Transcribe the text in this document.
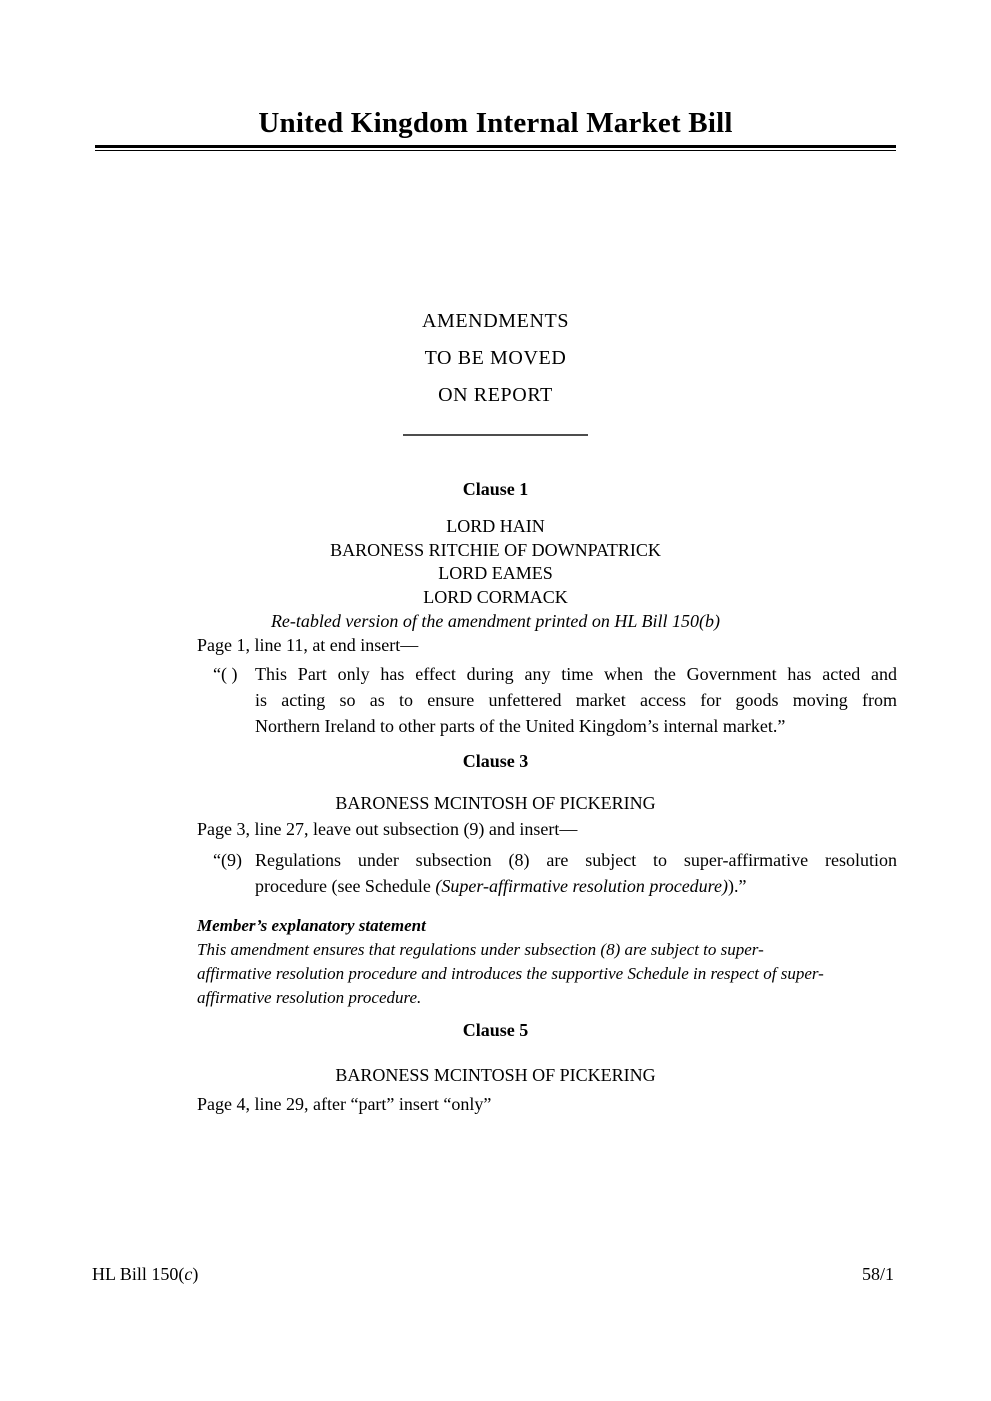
United Kingdom Internal Market Bill
AMENDMENTS
TO BE MOVED
ON REPORT
Clause 1
LORD HAIN
BARONESS RITCHIE OF DOWNPATRICK
LORD EAMES
LORD CORMACK
Re-tabled version of the amendment printed on HL Bill 150(b)
Page 1, line 11, at end insert—
“( ) This Part only has effect during any time when the Government has acted and
is acting so as to ensure unfettered market access for goods moving from
Northern Ireland to other parts of the United Kingdom’s internal market.”
Clause 3
BARONESS MCINTOSH OF PICKERING
Page 3, line 27, leave out subsection (9) and insert—
“(9) Regulations under subsection (8) are subject to super-affirmative resolution
procedure (see Schedule (Super-affirmative resolution procedure)).”
Member’s explanatory statement
This amendment ensures that regulations under subsection (8) are subject to super-
affirmative resolution procedure and introduces the supportive Schedule in respect of super-
affirmative resolution procedure.
Clause 5
BARONESS MCINTOSH OF PICKERING
Page 4, line 29, after “part” insert “only”
HL Bill 150(c)	58/1
